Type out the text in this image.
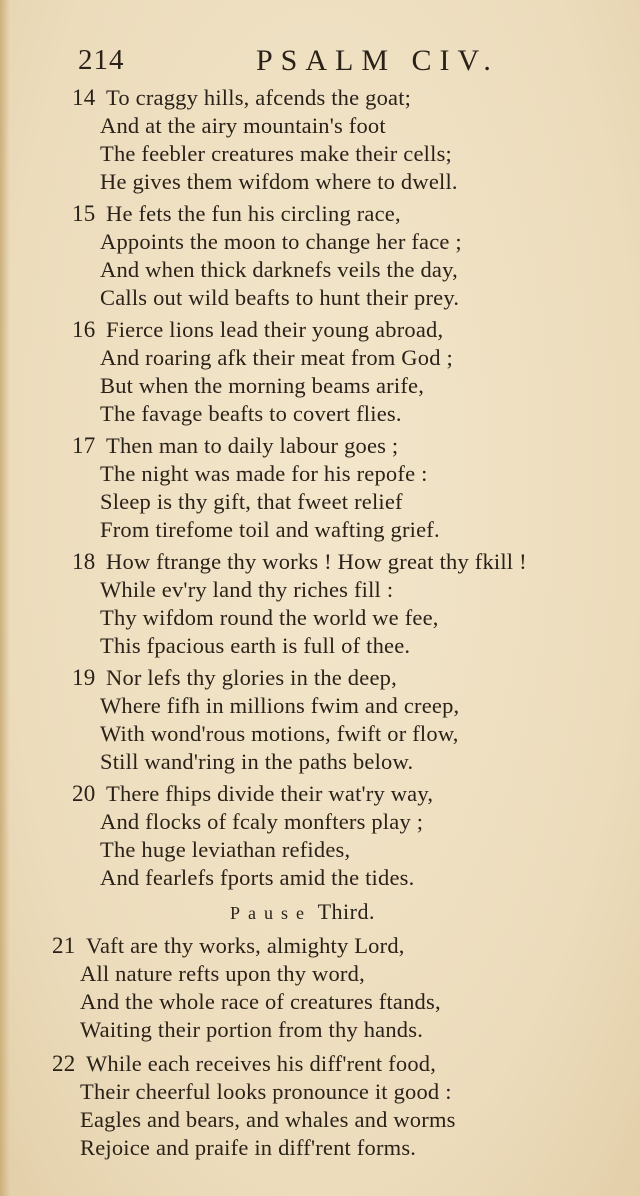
214	PSALM CIV.
14 To craggy hills, afcends the goat;
And at the airy mountain's foot
The feebler creatures make their cells;
He gives them wifdom where to dwell.
15 He fets the fun his circling race,
Appoints the moon to change her face ;
And when thick darknefs veils the day,
Calls out wild beafts to hunt their prey.
16 Fierce lions lead their young abroad,
And roaring afk their meat from God ;
But when the morning beams arife,
The favage beafts to covert flies.
17 Then man to daily labour goes ;
The night was made for his repofe :
Sleep is thy gift, that fweet relief
From tirefome toil and wafting grief.
18 How ftrange thy works ! How great thy fkill !
While ev'ry land thy riches fill :
Thy wifdom round the world we fee,
This fpacious earth is full of thee.
19 Nor lefs thy glories in the deep,
Where fifh in millions fwim and creep,
With wond'rous motions, fwift or flow,
Still wand'ring in the paths below.
20 There fhips divide their wat'ry way,
And flocks of fcaly monfters play ;
The huge leviathan refides,
And fearlefs fports amid the tides.
Pause Third.
21 Vaft are thy works, almighty Lord,
All nature refts upon thy word,
And the whole race of creatures ftands,
Waiting their portion from thy hands.
22 While each receives his diff'rent food,
Their cheerful looks pronounce it good :
Eagles and bears, and whales and worms
Rejoice and praife in diff'rent forms.
